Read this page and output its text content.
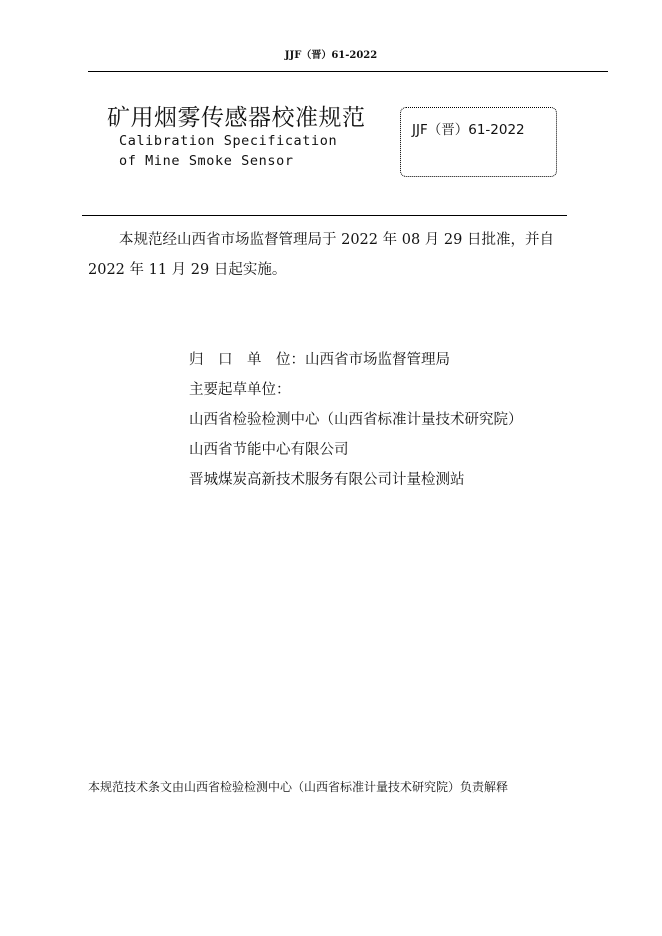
JJF（晋）61-2022
矿用烟雾传感器校准规范
Calibration Specification
of Mine Smoke Sensor
JJF（晋）61-2022
本规范经山西省市场监督管理局于 2022 年 08 月 29 日批准，并自
2022 年 11 月 29 日起实施。
归　口　单　位：山西省市场监督管理局
主要起草单位：
山西省检验检测中心（山西省标准计量技术研究院）
山西省节能中心有限公司
晋城煤炭高新技术服务有限公司计量检测站
本规范技术条文由山西省检验检测中心（山西省标准计量技术研究院）负责解释
